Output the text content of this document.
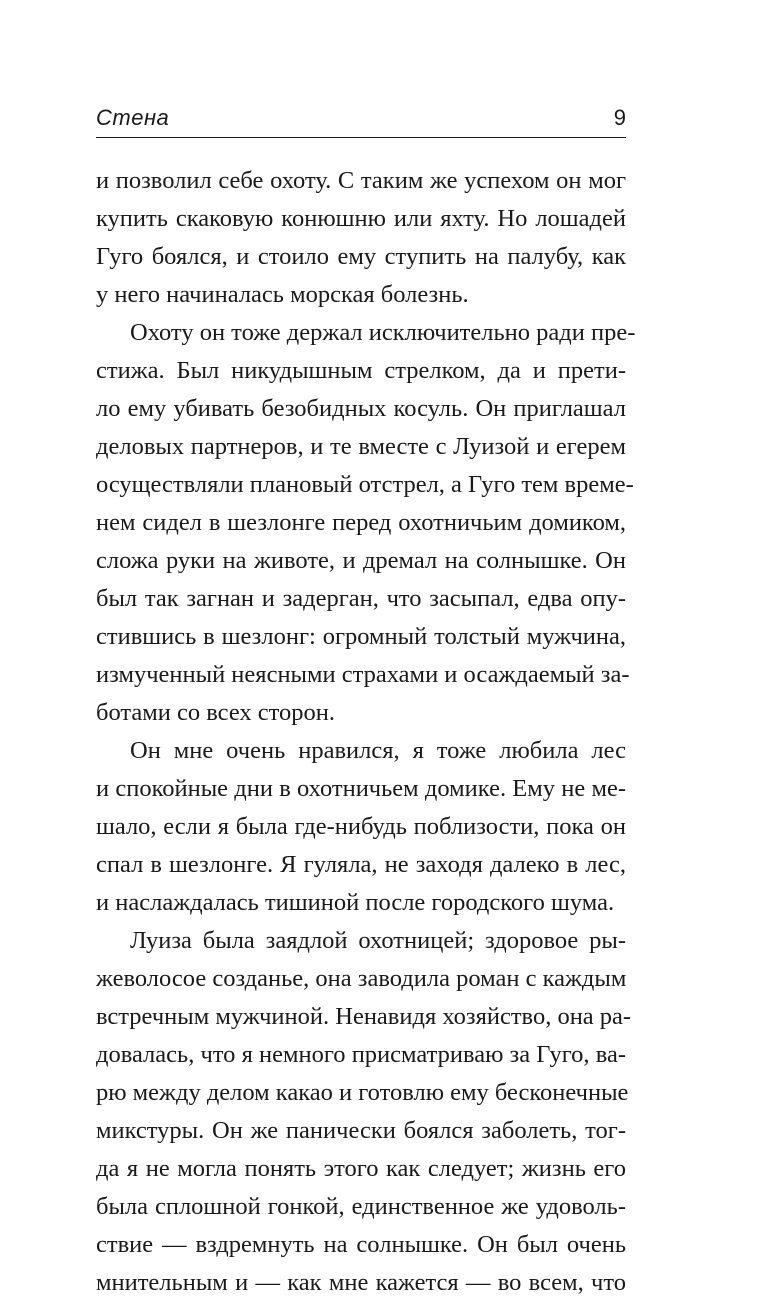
Стена	9
и позволил себе охоту. С таким же успехом он мог
купить скаковую конюшню или яхту. Но лошадей
Гуго боялся, и стоило ему ступить на палубу, как
у него начиналась морская болезнь.
Охоту он тоже держал исключительно ради пре-
стижа. Был никудышным стрелком, да и прети-
ло ему убивать безобидных косуль. Он приглашал
деловых партнеров, и те вместе с Луизой и егерем
осуществляли плановый отстрел, а Гуго тем време-
нем сидел в шезлонге перед охотничьим домиком,
сложа руки на животе, и дремал на солнышке. Он
был так загнан и задерган, что засыпал, едва опу-
стившись в шезлонг: огромный толстый мужчина,
измученный неясными страхами и осаждаемый за-
ботами со всех сторон.
Он мне очень нравился, я тоже любила лес
и спокойные дни в охотничьем домике. Ему не ме-
шало, если я была где-нибудь поблизости, пока он
спал в шезлонге. Я гуляла, не заходя далеко в лес,
и наслаждалась тишиной после городского шума.
Луиза была заядлой охотницей; здоровое ры-
жеволосое созданье, она заводила роман с каждым
встречным мужчиной. Ненавидя хозяйство, она ра-
довалась, что я немного присматриваю за Гуго, ва-
рю между делом какао и готовлю ему бесконечные
микстуры. Он же панически боялся заболеть, тог-
да я не могла понять этого как следует; жизнь его
была сплошной гонкой, единственное же удоволь-
ствие — вздремнуть на солнышке. Он был очень
мнительным и — как мне кажется — во всем, что
